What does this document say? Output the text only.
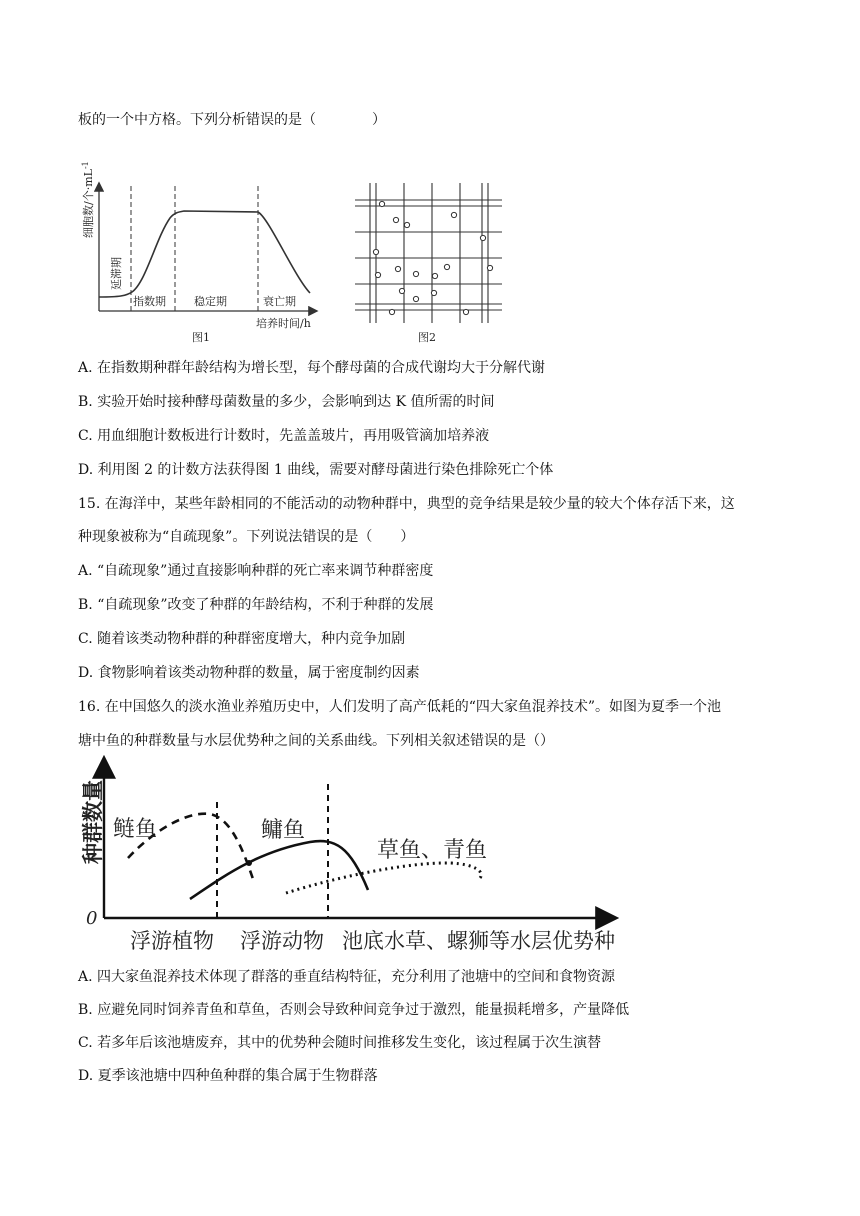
板的一个中方格。下列分析错误的是（　　　　）
细胞数/个$\cdot mL^{-1}$
延滞期
指数期	稳定期	衰亡期
培养时间/h
图1	图2
A. 在指数期种群年龄结构为增长型，每个酵母菌的合成代谢均大于分解代谢
B. 实验开始时接种酵母菌数量的多少，会影响到达 K 值所需的时间
C. 用血细胞计数板进行计数时，先盖盖玻片，再用吸管滴加培养液
D. 利用图 2 的计数方法获得图 1 曲线，需要对酵母菌进行染色排除死亡个体
15. 在海洋中，某些年龄相同的不能活动的动物种群中，典型的竞争结果是较少量的较大个体存活下来，这
种现象被称为“自疏现象”。下列说法错误的是（　　）
A. “自疏现象”通过直接影响种群的死亡率来调节种群密度
B. “自疏现象”改变了种群的年龄结构，不利于种群的发展
C. 随着该类动物种群的种群密度增大，种内竞争加剧
D. 食物影响着该类动物种群的数量，属于密度制约因素
16. 在中国悠久的淡水渔业养殖历史中，人们发明了高产低耗的“四大家鱼混养技术”。如图为夏季一个池
塘中鱼的种群数量与水层优势种之间的关系曲线。下列相关叙述错误的是（）
种群数量
0
鲢鱼	鳙鱼
草鱼、青鱼
浮游植物 浮游动物 池底水草、螺狮等水层优势种
A. 四大家鱼混养技术体现了群落的垂直结构特征，充分利用了池塘中的空间和食物资源
B. 应避免同时饲养青鱼和草鱼，否则会导致种间竞争过于激烈，能量损耗增多，产量降低
C. 若多年后该池塘废弃，其中的优势种会随时间推移发生变化，该过程属于次生演替
D. 夏季该池塘中四种鱼种群的集合属于生物群落
